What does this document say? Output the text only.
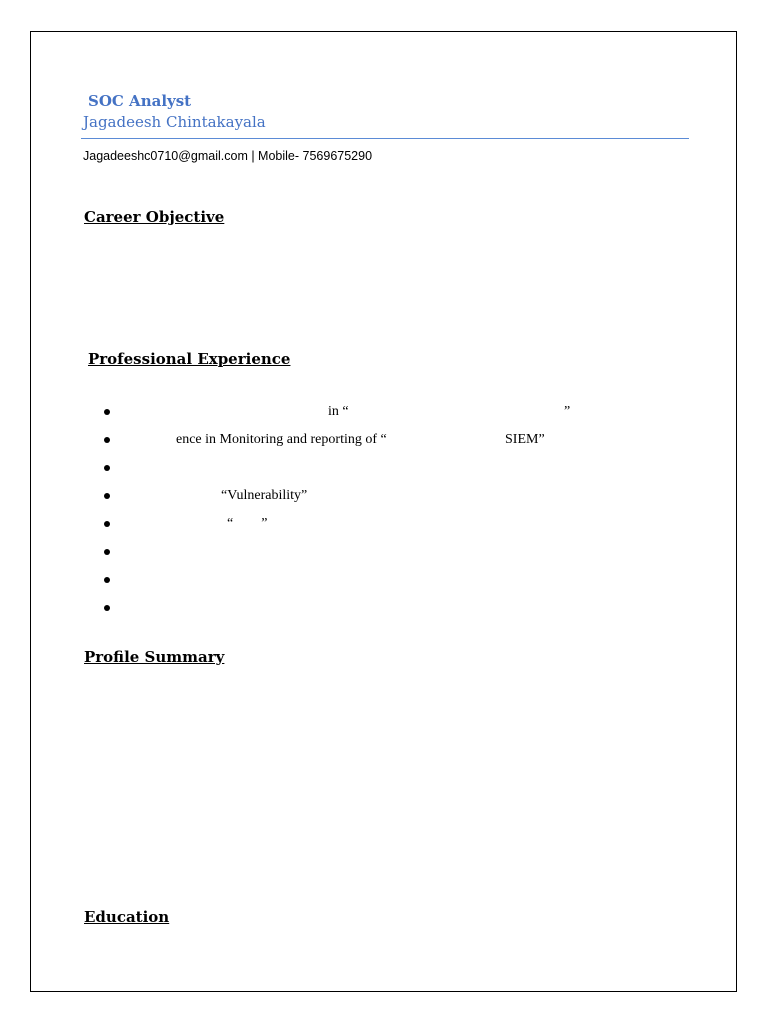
SOC Analyst
Jagadeesh Chintakayala
Jagadeeshc0710@gmail.com | Mobile- 7569675290
Career Objective
Professional Experience
in “	”
ence in Monitoring and reporting of “	SIEM”
“Vulnerability”
“        ”
Profile Summary
Education
